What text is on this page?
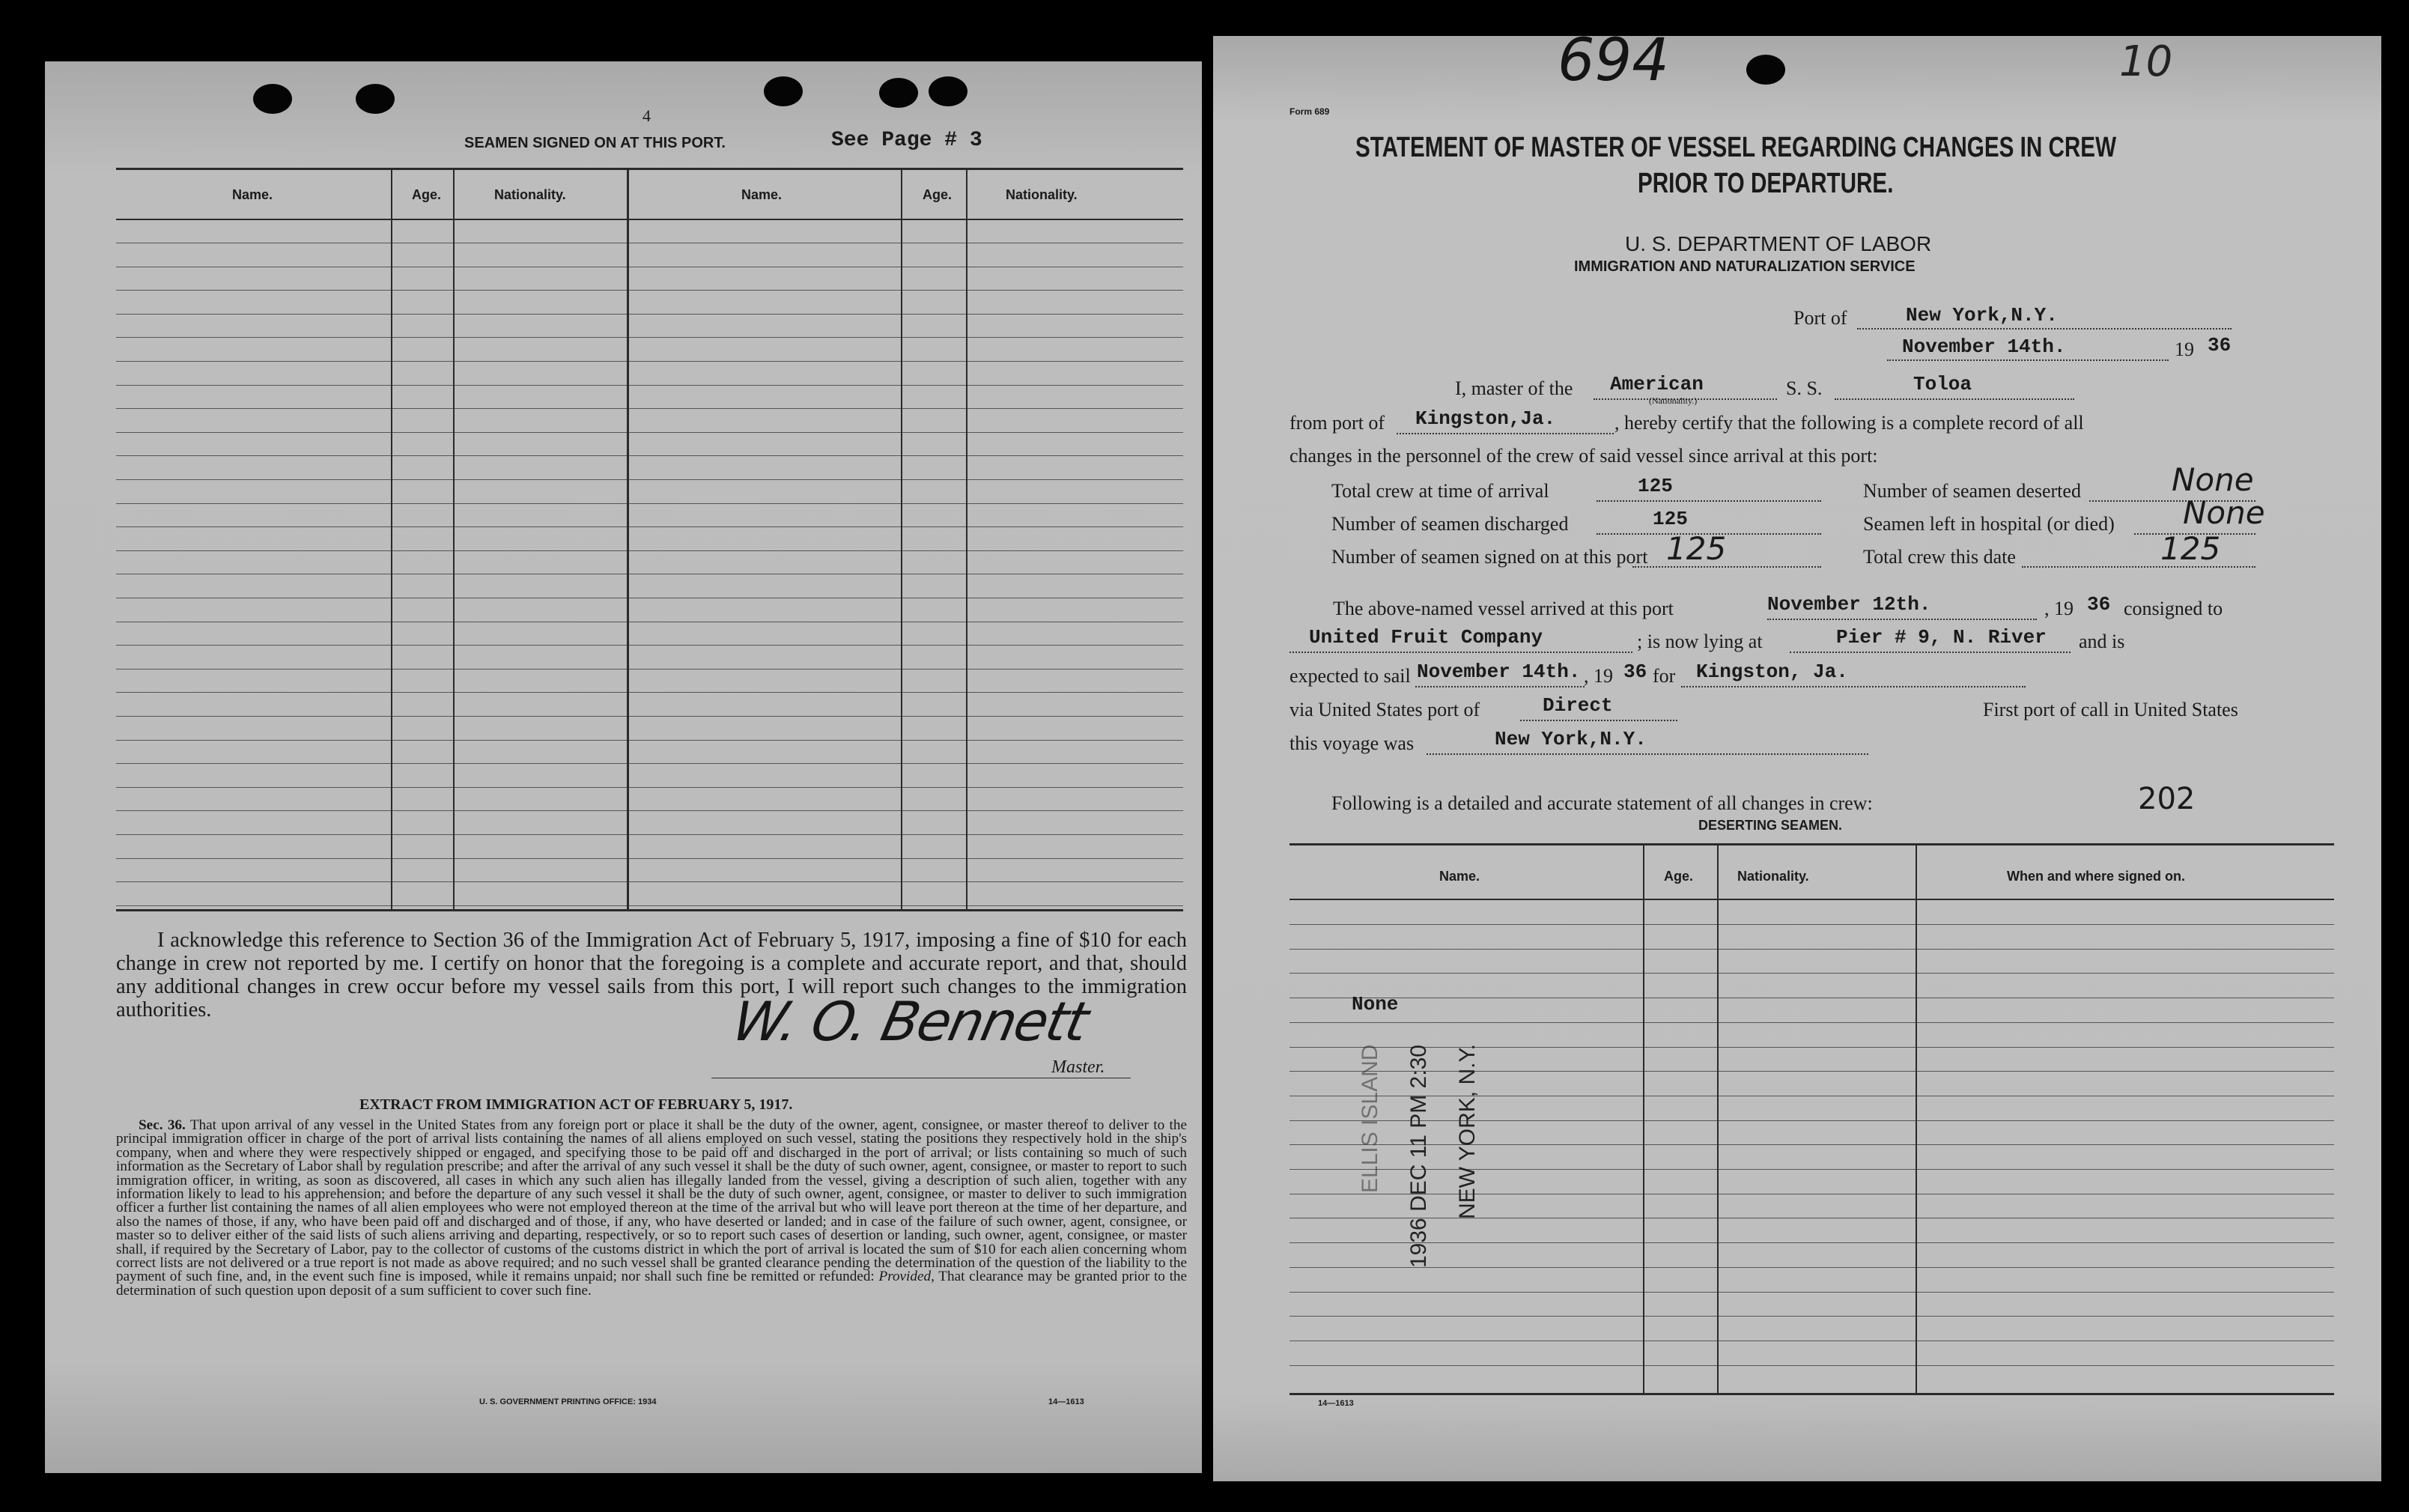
4
SEAMEN SIGNED ON AT THIS PORT.	See Page # 3
Name.	Age.	Nationality.	Name.	Age.	Nationality.
I acknowledge this reference to Section 36 of the Immigration Act of February 5, 1917, imposing a fine of $10 for each change in crew not reported by me. I certify on honor that the foregoing is a complete and accurate report, and that, should any additional changes in crew occur before my vessel sails from this port, I will report such changes to the immigration authorities.	W. O. Bennett
Master.
EXTRACT FROM IMMIGRATION ACT OF FEBRUARY 5, 1917.
Sec. 36. That upon arrival of any vessel in the United States from any foreign port or place it shall be the duty of the owner, agent, consignee, or master thereof to deliver to the principal immigration officer in charge of the port of arrival lists containing the names of all aliens employed on such vessel, stating the positions they respectively hold in the ship's company, when and where they were respectively shipped or engaged, and specifying those to be paid off and discharged in the port of arrival; or lists containing so much of such information as the Secretary of Labor shall by regulation prescribe; and after the arrival of any such vessel it shall be the duty of such owner, agent, consignee, or master to report to such immigration officer, in writing, as soon as discovered, all cases in which any such alien has illegally landed from the vessel, giving a description of such alien, together with any information likely to lead to his apprehension; and before the departure of any such vessel it shall be the duty of such owner, agent, consignee, or master to deliver to such immigration officer a further list containing the names of all alien employees who were not employed thereon at the time of the arrival but who will leave port thereon at the time of her departure, and also the names of those, if any, who have been paid off and discharged and of those, if any, who have deserted or landed; and in case of the failure of such owner, agent, consignee, or master so to deliver either of the said lists of such aliens arriving and departing, respectively, or so to report such cases of desertion or landing, such owner, agent, consignee, or master shall, if required by the Secretary of Labor, pay to the collector of customs of the customs district in which the port of arrival is located the sum of $10 for each alien concerning whom correct lists are not delivered or a true report is not made as above required; and no such vessel shall be granted clearance pending the determination of the question of the liability to the payment of such fine, and, in the event such fine is imposed, while it remains unpaid; nor shall such fine be remitted or refunded: Provided, That clearance may be granted prior to the determination of such question upon deposit of a sum sufficient to cover such fine.
U. S. GOVERNMENT PRINTING OFFICE: 1934	14—1613
694	10
Form 689
STATEMENT OF MASTER OF VESSEL REGARDING CHANGES IN CREW
PRIOR TO DEPARTURE.
U. S. DEPARTMENT OF LABOR
IMMIGRATION AND NATURALIZATION SERVICE
Port of	New York,N.Y.
November 14th.	19 36
I, master of the American
(Nationality.)
S. S.	Toloa
from port of Kingston,Ja.	, hereby certify that the following is a complete record of all
changes in the personnel of the crew of said vessel since arrival at this port:
Total crew at time of arrival	125	Number of seamen deserted	None
Number of seamen discharged	125	Seamen left in hospital (or died) None
Number of seamen signed on at this port 125	Total crew this date	125
The above-named vessel arrived at this port	November 12th.	, 19 36 consigned to
United Fruit Company	; is now lying at	Pier # 9, N. River and is
expected to sail November 14th. , 19 36 for Kingston, Ja.
via United States port of	Direct	First port of call in United States
this voyage was	New York,N.Y.
Following is a detailed and accurate statement of all changes in crew:	202
DESERTING SEAMEN.
Name.	Age.	Nationality.	When and where signed on.
None
ELLIS ISLAND 1936 DEC 11 PM 2:30 NEW YORK, N.Y.
14—1613
